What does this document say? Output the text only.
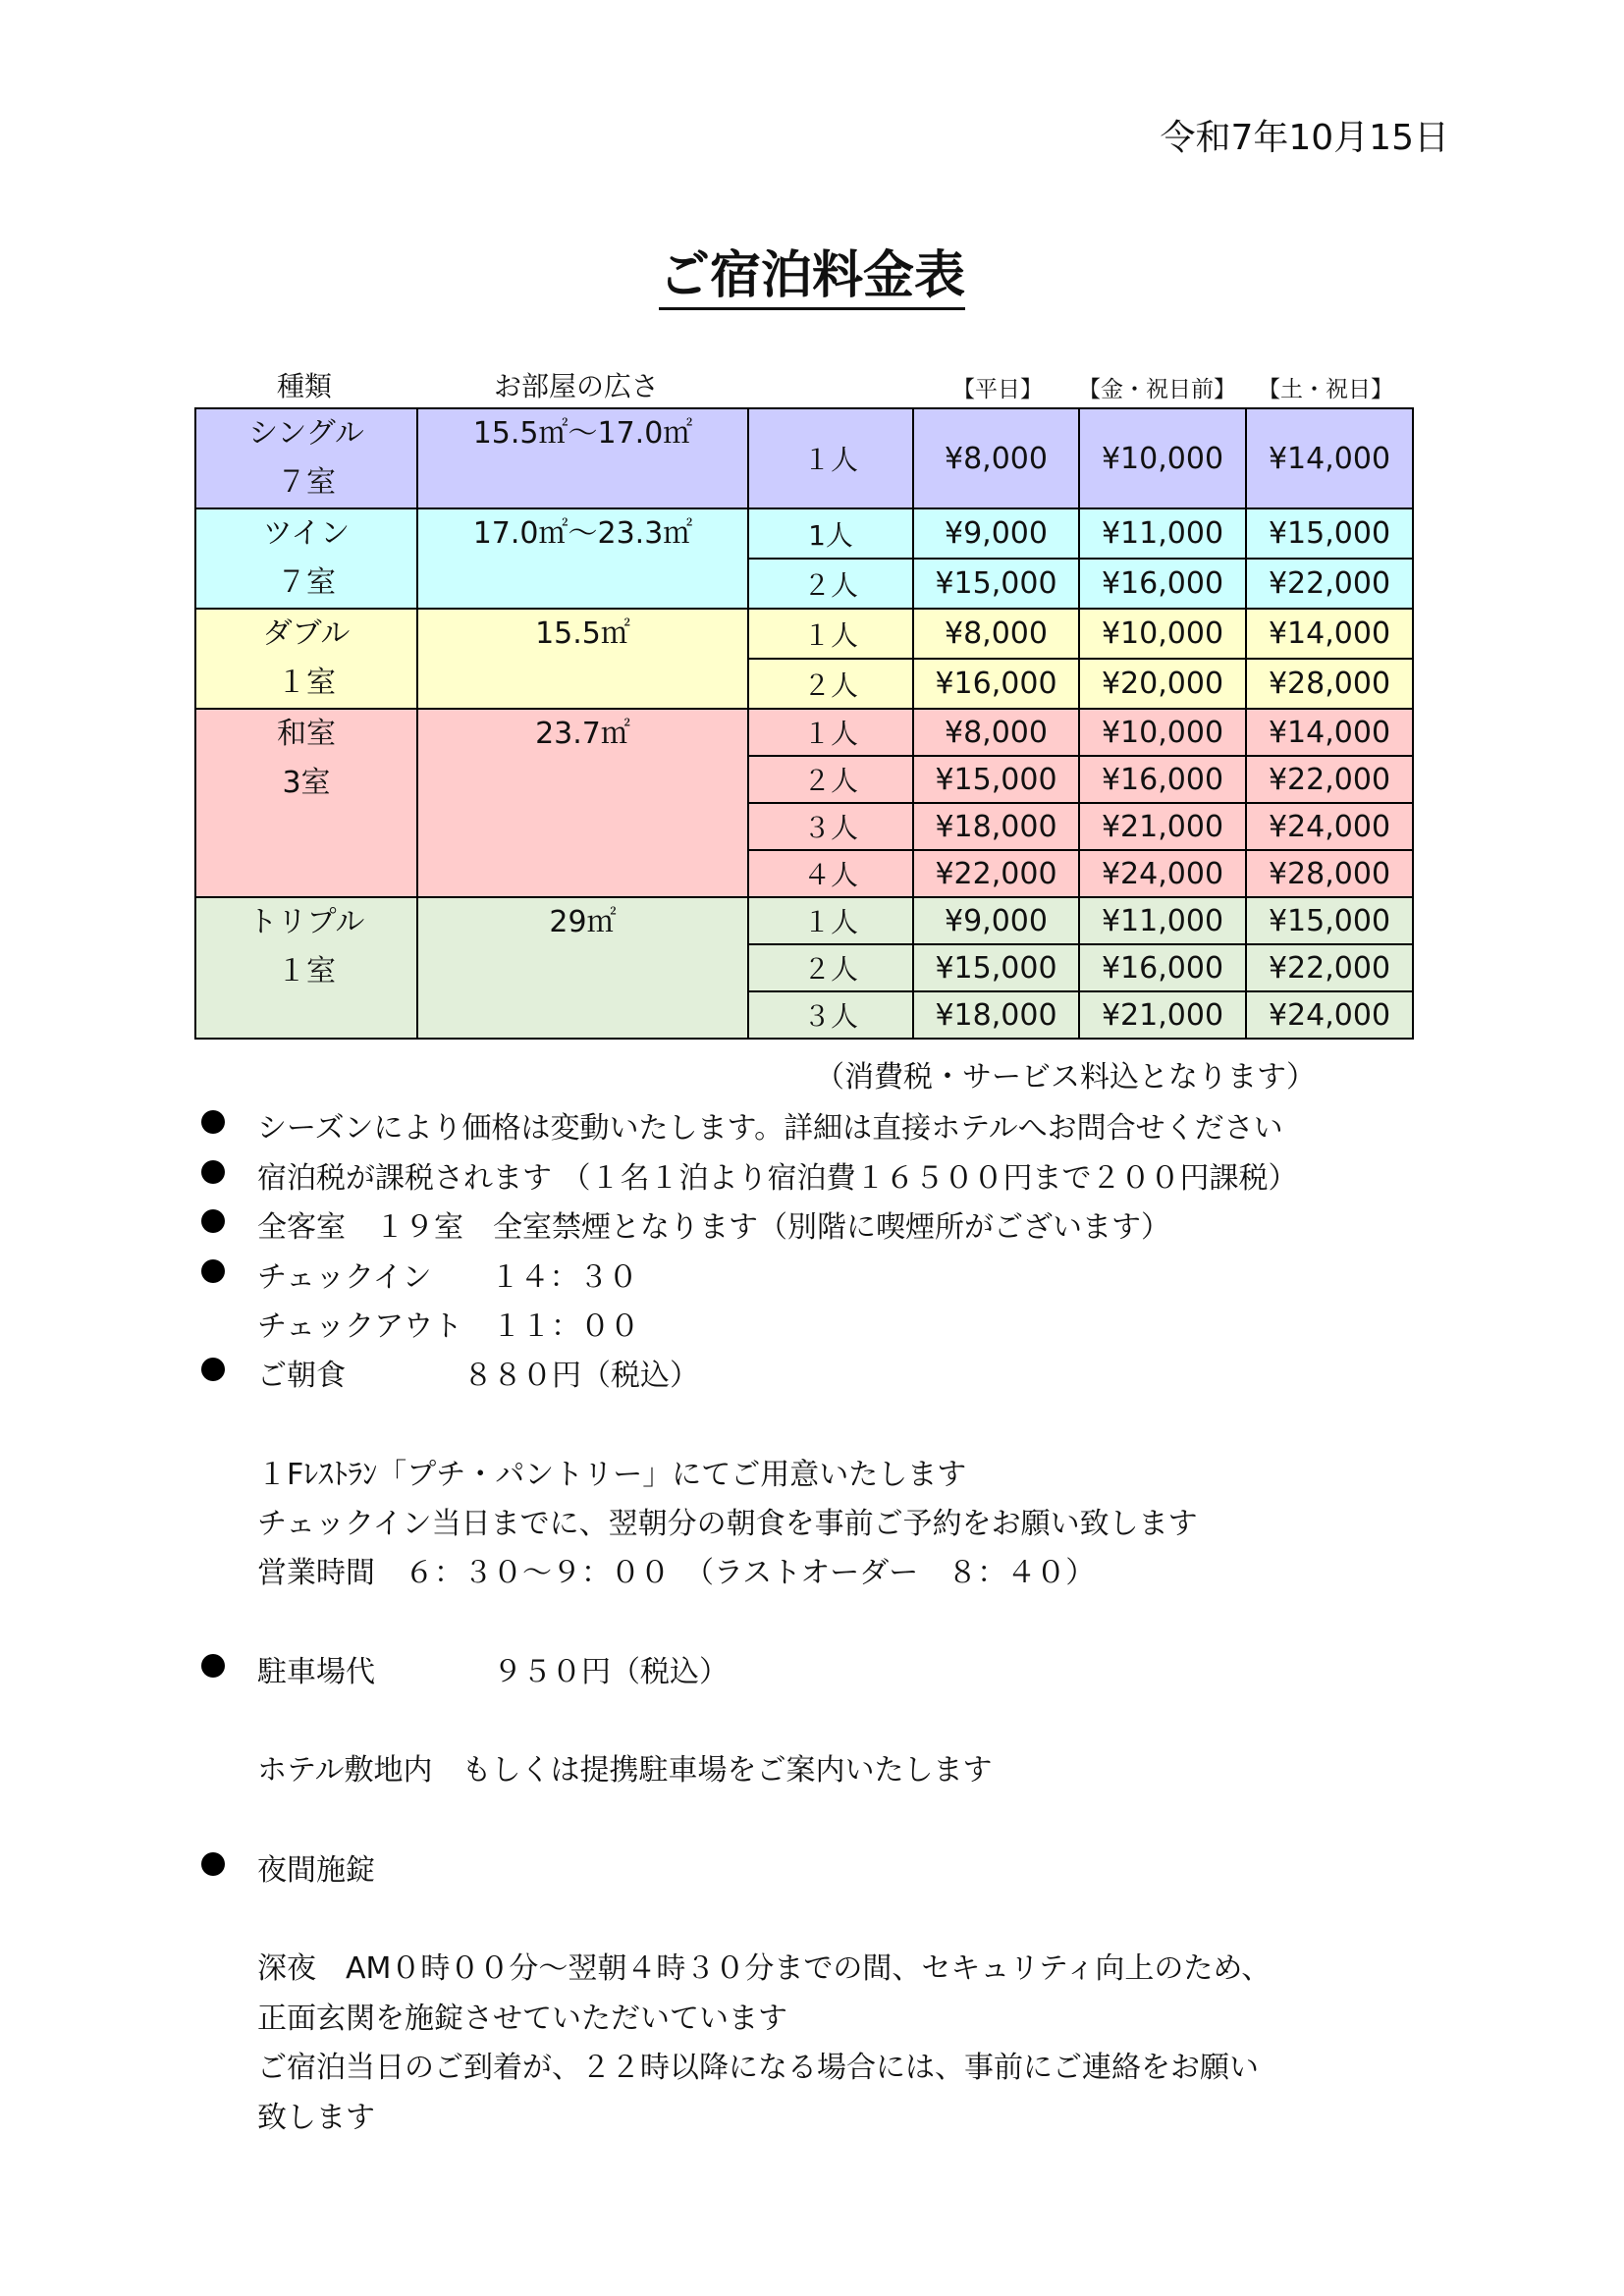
令和7年10月15日
ご宿泊料金表
種類	お部屋の広さ	【平日】 【金・祝日前】 【土・祝日】
シングル
７室	15.5㎡～17.0㎡	１人	¥8,000	¥10,000	¥14,000

ツイン
７室	17.0㎡～23.3㎡	1人	¥9,000	¥11,000	¥15,000
		２人	¥15,000	¥16,000	¥22,000

ダブル
１室	15.5㎡	１人	¥8,000	¥10,000	¥14,000
		２人	¥16,000	¥20,000	¥28,000

和室
3室	23.7㎡	１人	¥8,000	¥10,000	¥14,000
		２人	¥15,000	¥16,000	¥22,000
		３人	¥18,000	¥21,000	¥24,000
		４人	¥22,000	¥24,000	¥28,000

トリプル
１室	29㎡	１人	¥9,000	¥11,000	¥15,000
		２人	¥15,000	¥16,000	¥22,000
		３人	¥18,000	¥21,000	¥24,000
（消費税・サービス料込となります）
シーズンにより価格は変動いたします。詳細は直接ホテルへお問合せください
宿泊税が課税されます （１名１泊より宿泊費１６５００円まで２００円課税）
全客室　１９室　全室禁煙となります（別階に喫煙所がございます）
チェックイン　　１４：３０
チェックアウト　１１：００
ご朝食　　　　８８０円（税込）
１Fﾚｽﾄﾗﾝ「プチ・パントリー」にてご用意いたします
チェックイン当日までに、翌朝分の朝食を事前ご予約をお願い致します
営業時間　６：３０～９：００　（ラストオーダー　８：４０）
駐車場代　　　　９５０円（税込）
ホテル敷地内　もしくは提携駐車場をご案内いたします
夜間施錠
深夜　AM０時００分～翌朝４時３０分までの間、セキュリティ向上のため、
正面玄関を施錠させていただいています
ご宿泊当日のご到着が、２２時以降になる場合には、事前にご連絡をお願い
致します
